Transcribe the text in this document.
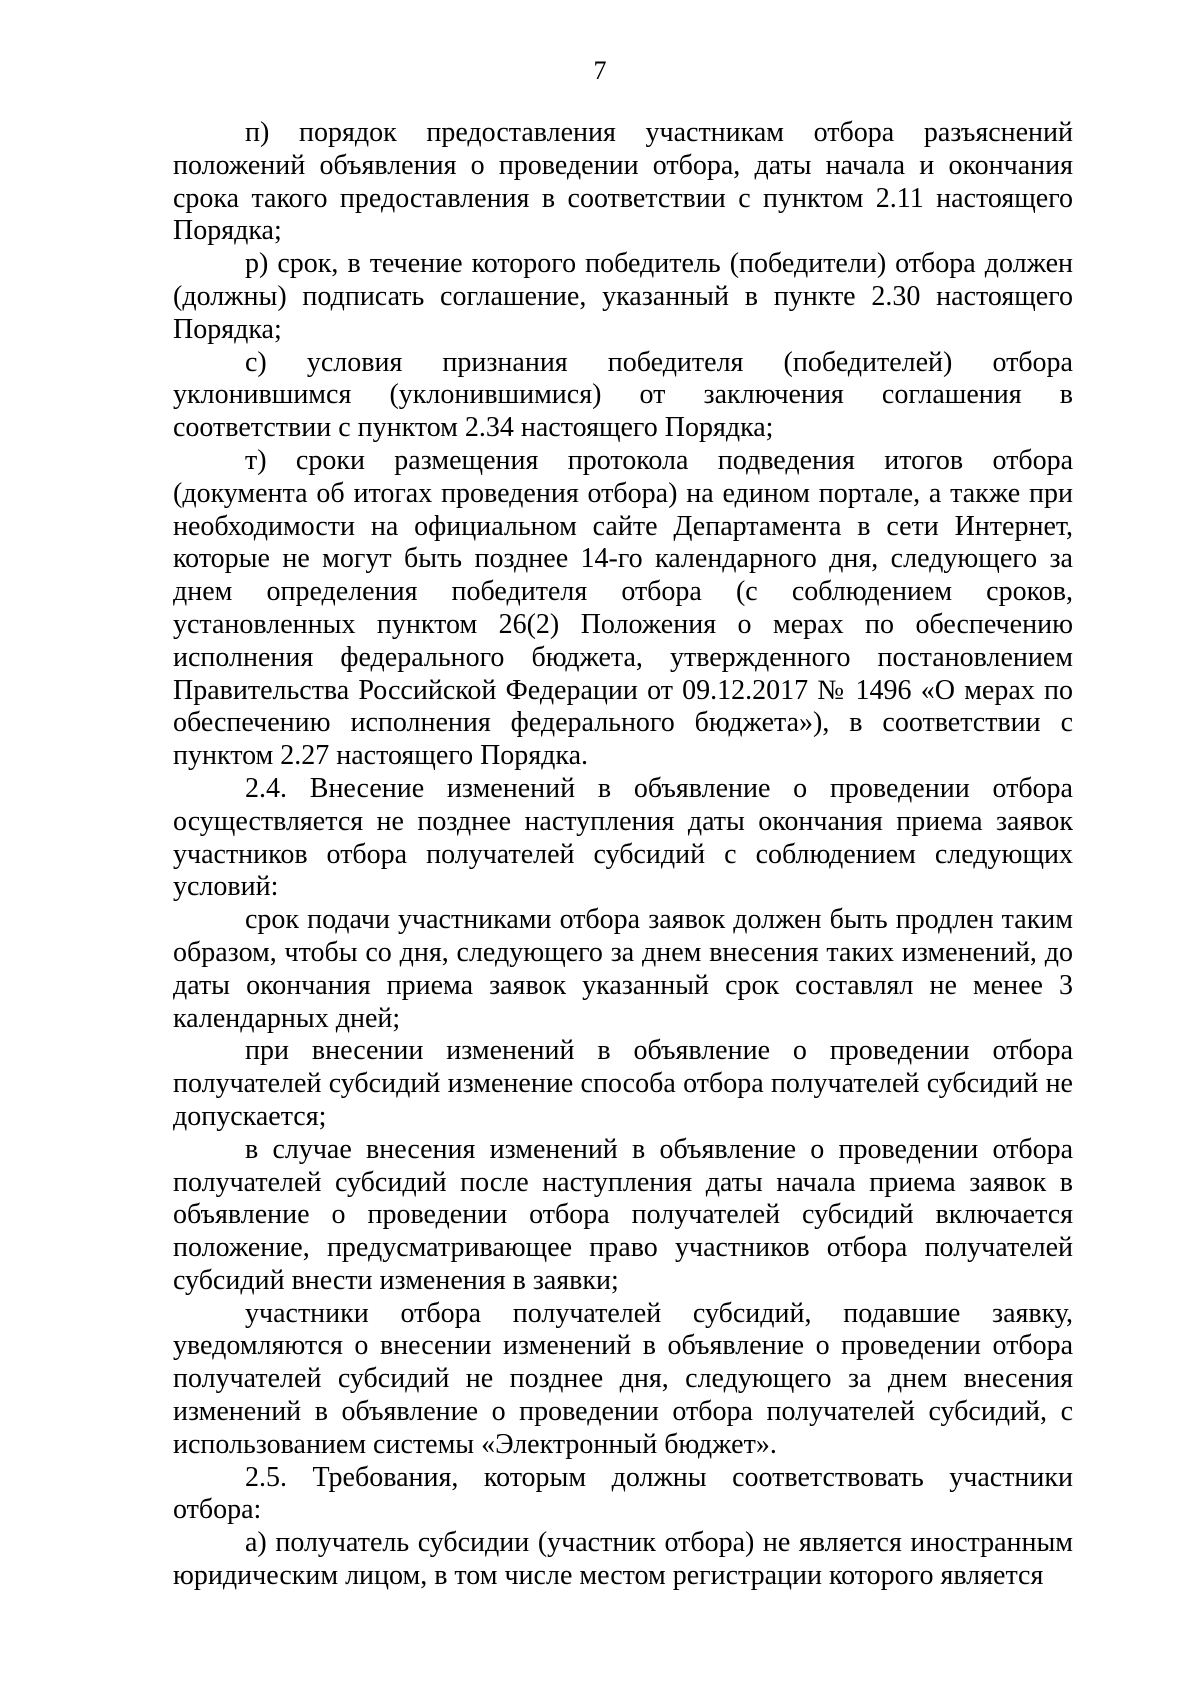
7

п) порядок предоставления участникам отбора разъяснений положений объявления о проведении отбора, даты начала и окончания срока такого предоставления в соответствии с пунктом 2.11 настоящего Порядка;

р) срок, в течение которого победитель (победители) отбора должен (должны) подписать соглашение, указанный в пункте 2.30 настоящего Порядка;

с) условия признания победителя (победителей) отбора уклонившимся (уклонившимися) от заключения соглашения в соответствии с пунктом 2.34 настоящего Порядка;

т) сроки размещения протокола подведения итогов отбора (документа об итогах проведения отбора) на едином портале, а также при необходимости на официальном сайте Департамента в сети Интернет, которые не могут быть позднее 14-го календарного дня, следующего за днем определения победителя отбора (с соблюдением сроков, установленных пунктом 26(2) Положения о мерах по обеспечению исполнения федерального бюджета, утвержденного постановлением Правительства Российской Федерации от 09.12.2017 № 1496 «О мерах по обеспечению исполнения федерального бюджета»), в соответствии с пунктом 2.27 настоящего Порядка.

2.4. Внесение изменений в объявление о проведении отбора осуществляется не позднее наступления даты окончания приема заявок участников отбора получателей субсидий с соблюдением следующих условий:

срок подачи участниками отбора заявок должен быть продлен таким образом, чтобы со дня, следующего за днем внесения таких изменений, до даты окончания приема заявок указанный срок составлял не менее 3 календарных дней;

при внесении изменений в объявление о проведении отбора получателей субсидий изменение способа отбора получателей субсидий не допускается;

в случае внесения изменений в объявление о проведении отбора получателей субсидий после наступления даты начала приема заявок в объявление о проведении отбора получателей субсидий включается положение, предусматривающее право участников отбора получателей субсидий внести изменения в заявки;

участники отбора получателей субсидий, подавшие заявку, уведомляются о внесении изменений в объявление о проведении отбора получателей субсидий не позднее дня, следующего за днем внесения изменений в объявление о проведении отбора получателей субсидий, с использованием системы «Электронный бюджет».

2.5. Требования, которым должны соответствовать участники отбора:

а) получатель субсидии (участник отбора) не является иностранным юридическим лицом, в том числе местом регистрации которого является
